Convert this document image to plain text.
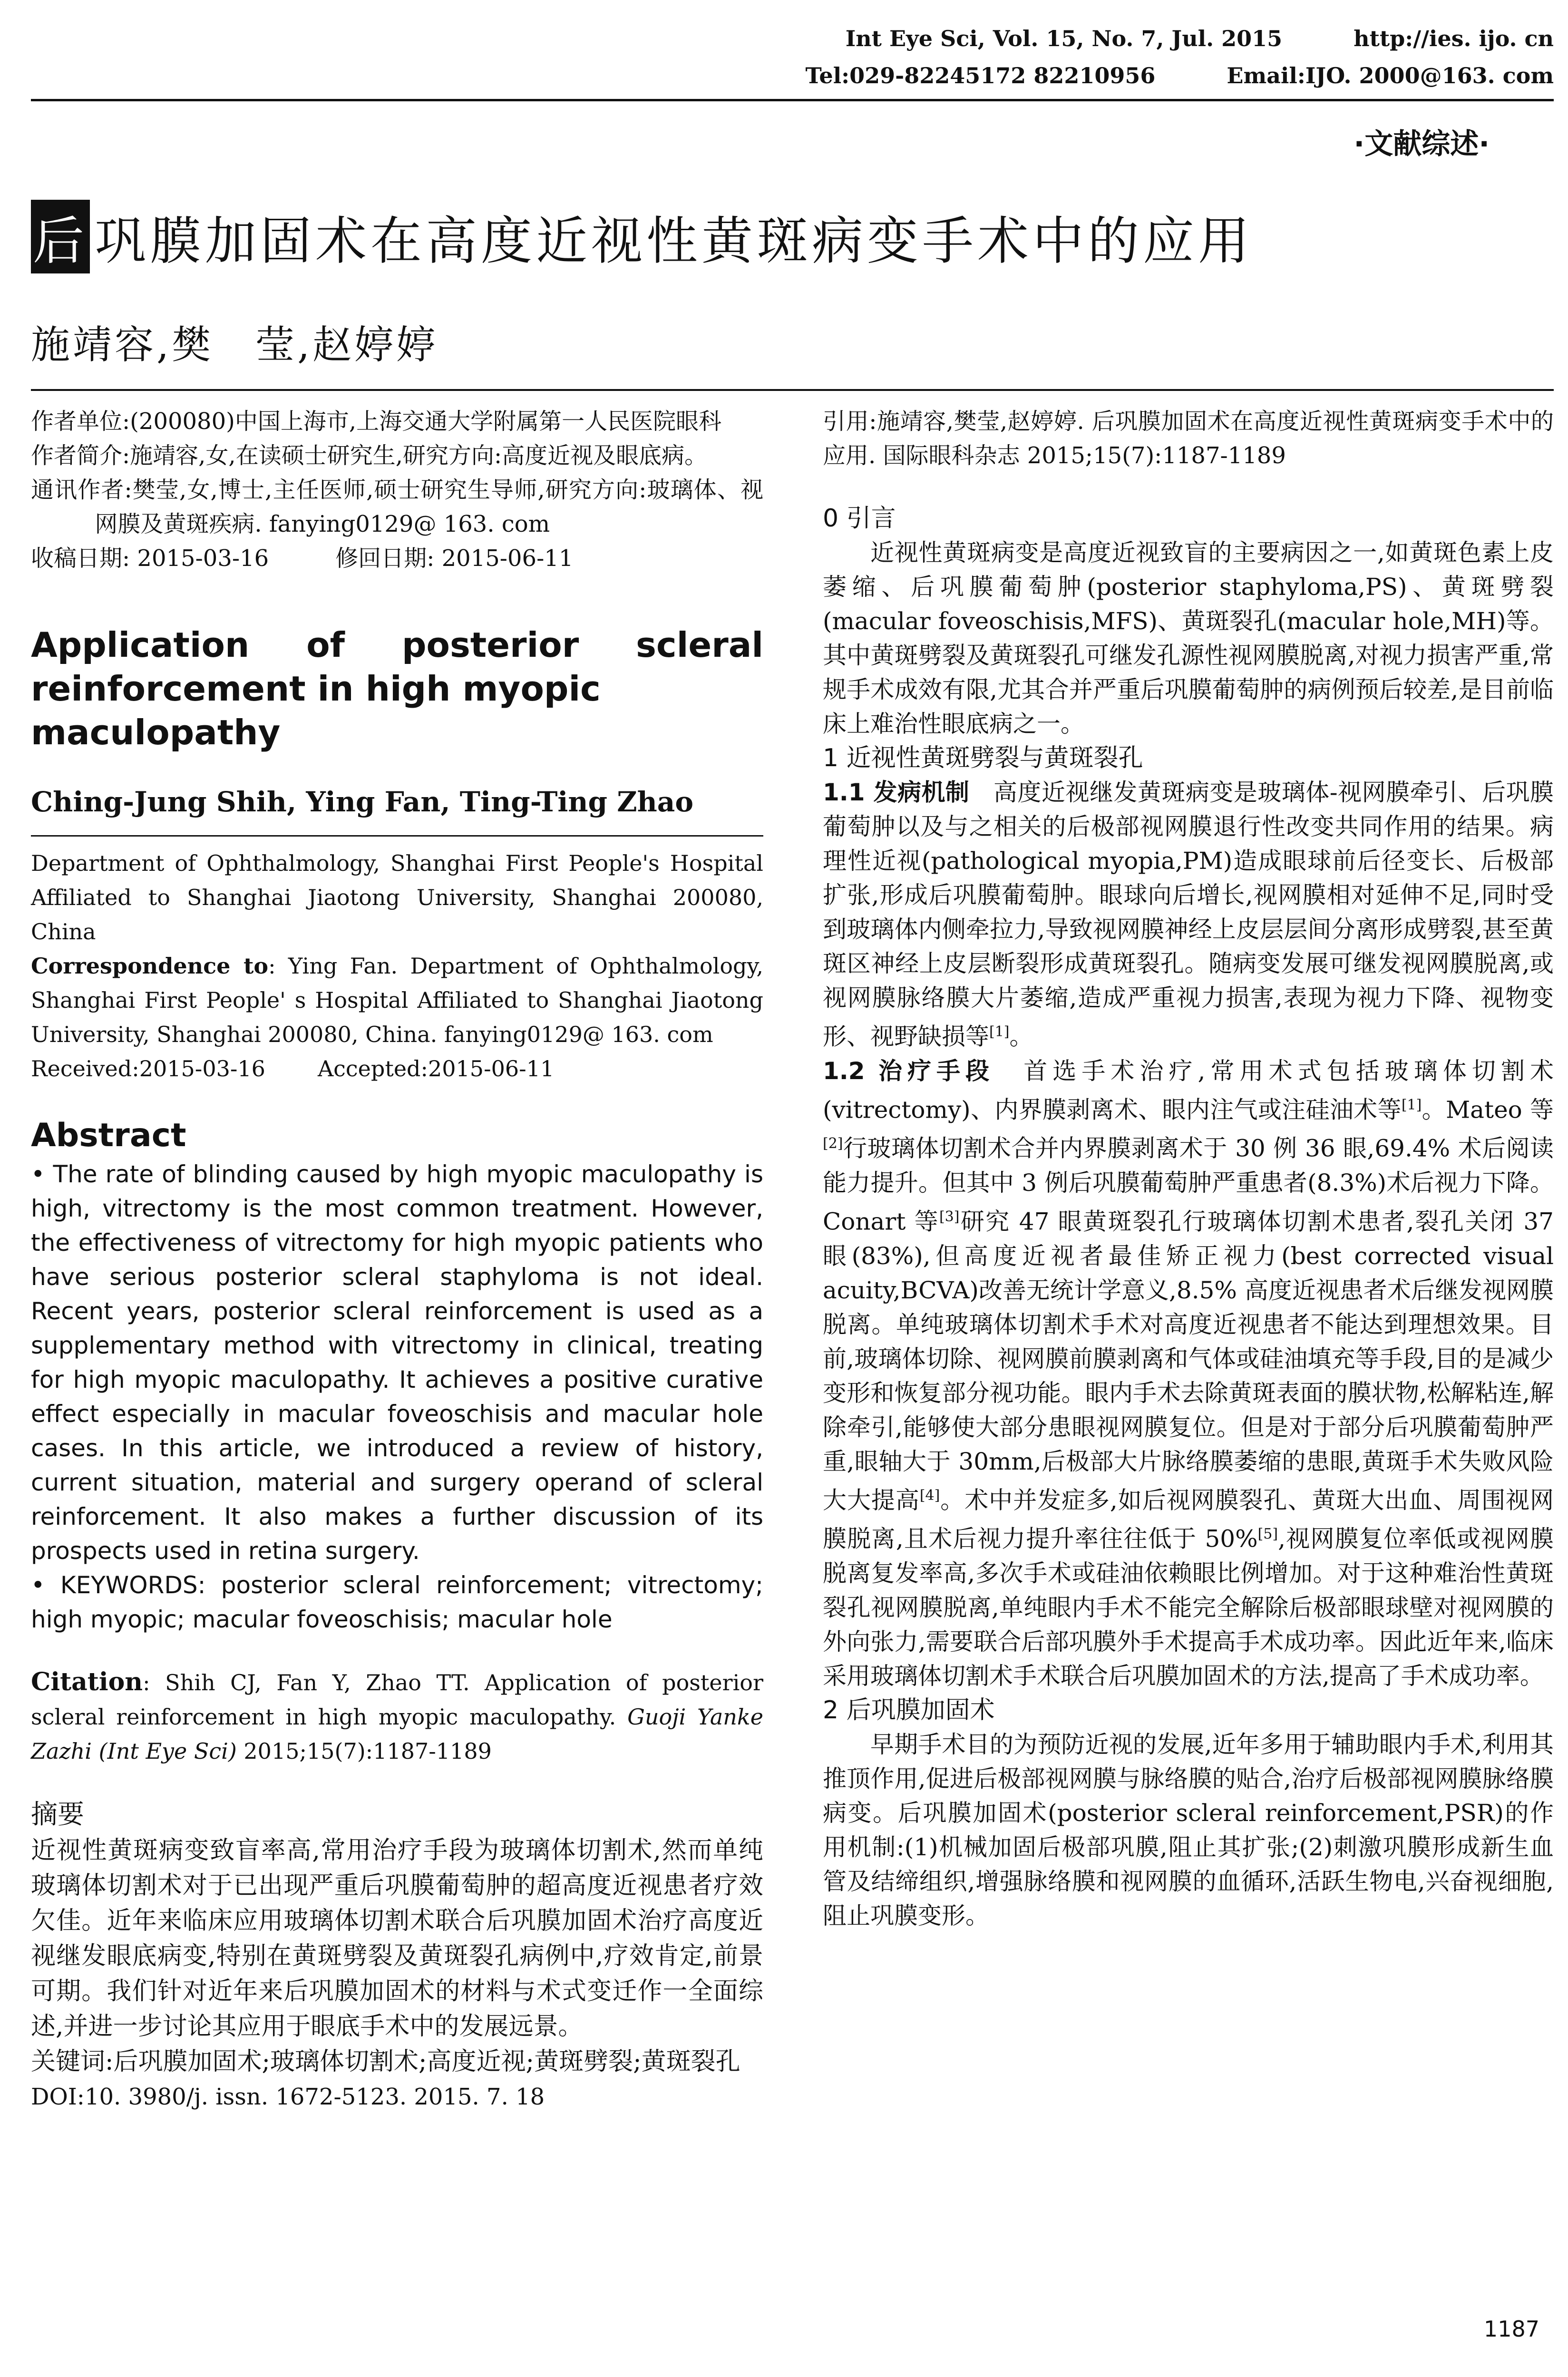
Int Eye Sci, Vol. 15, No. 7, Jul. 2015	http://ies. ijo. cn
Tel:029-82245172 82210956	Email:IJO. 2000@163. com
·文献综述·
后 巩膜加固术在高度近视性黄斑病变手术中的应用
施靖容,樊　莹,赵婷婷

作者单位:(200080)中国上海市,上海交通大学附属第一人民医院眼科

作者简介:施靖容,女,在读硕士研究生,研究方向:高度近视及眼底病。

通讯作者:樊莹,女,博士,主任医师,硕士研究生导师,研究方向:玻璃体、视网膜及黄斑疾病. fanying0129@ 163. com

收稿日期: 2015-03-16	修回日期: 2015-06-11

Application of posterior scleral
reinforcement in high myopic maculopathy
Ching-Jung Shih, Ying Fan, Ting-Ting Zhao

Department of Ophthalmology, Shanghai First People's Hospital Affiliated to Shanghai Jiaotong University, Shanghai 200080, China

Correspondence to: Ying Fan. Department of Ophthalmology, Shanghai First People' s Hospital Affiliated to Shanghai Jiaotong University, Shanghai 200080, China. fanying0129@ 163. com

Received:2015-03-16 Accepted:2015-06-11

Abstract

• The rate of blinding caused by high myopic maculopathy is high, vitrectomy is the most common treatment. However, the effectiveness of vitrectomy for high myopic patients who have serious posterior scleral staphyloma is not ideal. Recent years, posterior scleral reinforcement is used as a supplementary method with vitrectomy in clinical, treating for high myopic maculopathy. It achieves a positive curative effect especially in macular foveoschisis and macular hole cases. In this article, we introduced a review of history, current situation, material and surgery operand of scleral reinforcement. It also makes a further discussion of its prospects used in retina surgery.

• KEYWORDS: posterior scleral reinforcement; vitrectomy; high myopic; macular foveoschisis; macular hole

Citation: Shih CJ, Fan Y, Zhao TT. Application of posterior scleral reinforcement in high myopic maculopathy. Guoji Yanke Zazhi (Int Eye Sci) 2015;15(7):1187-1189

摘要

近视性黄斑病变致盲率高,常用治疗手段为玻璃体切割术,然而单纯玻璃体切割术对于已出现严重后巩膜葡萄肿的超高度近视患者疗效欠佳。近年来临床应用玻璃体切割术联合后巩膜加固术治疗高度近视继发眼底病变,特别在黄斑劈裂及黄斑裂孔病例中,疗效肯定,前景可期。我们针对近年来后巩膜加固术的材料与术式变迁作一全面综述,并进一步讨论其应用于眼底手术中的发展远景。

关键词:后巩膜加固术;玻璃体切割术;高度近视;黄斑劈裂;黄斑裂孔

DOI:10. 3980/j. issn. 1672-5123. 2015. 7. 18

引用:施靖容,樊莹,赵婷婷. 后巩膜加固术在高度近视性黄斑病变手术中的应用. 国际眼科杂志 2015;15(7):1187-1189

0 引言

近视性黄斑病变是高度近视致盲的主要病因之一,如黄斑色素上皮萎缩、后巩膜葡萄肿(posterior staphyloma,PS)、黄斑劈裂(macular foveoschisis,MFS)、黄斑裂孔(macular hole,MH)等。其中黄斑劈裂及黄斑裂孔可继发孔源性视网膜脱离,对视力损害严重,常规手术成效有限,尤其合并严重后巩膜葡萄肿的病例预后较差,是目前临床上难治性眼底病之一。

1 近视性黄斑劈裂与黄斑裂孔

1.1 发病机制　 高度近视继发黄斑病变是玻璃体-视网膜牵引、后巩膜葡萄肿以及与之相关的后极部视网膜退行性改变共同作用的结果。病理性近视(pathological myopia,PM)造成眼球前后径变长、后极部扩张,形成后巩膜葡萄肿。眼球向后增长,视网膜相对延伸不足,同时受到玻璃体内侧牵拉力,导致视网膜神经上皮层层间分离形成劈裂,甚至黄斑区神经上皮层断裂形成黄斑裂孔。随病变发展可继发视网膜脱离,或视网膜脉络膜大片萎缩,造成严重视力损害,表现为视力下降、视物变形、视野缺损等[1]。

1.2 治疗手段　 首选手术治疗,常用术式包括玻璃体切割术(vitrectomy)、内界膜剥离术、眼内注气或注硅油术等[1]。Mateo 等[2]行玻璃体切割术合并内界膜剥离术于 30 例 36 眼,69.4% 术后阅读能力提升。但其中 3 例后巩膜葡萄肿严重患者(8.3%)术后视力下降。Conart 等[3]研究 47 眼黄斑裂孔行玻璃体切割术患者,裂孔关闭 37 眼(83%),但高度近视者最佳矫正视力(best corrected visual acuity,BCVA)改善无统计学意义,8.5% 高度近视患者术后继发视网膜脱离。单纯玻璃体切割术手术对高度近视患者不能达到理想效果。目前,玻璃体切除、视网膜前膜剥离和气体或硅油填充等手段,目的是减少变形和恢复部分视功能。眼内手术去除黄斑表面的膜状物,松解粘连,解除牵引,能够使大部分患眼视网膜复位。但是对于部分后巩膜葡萄肿严重,眼轴大于 30mm,后极部大片脉络膜萎缩的患眼,黄斑手术失败风险大大提高[4]。术中并发症多,如后视网膜裂孔、黄斑大出血、周围视网膜脱离,且术后视力提升率往往低于 50%[5],视网膜复位率低或视网膜脱离复发率高,多次手术或硅油依赖眼比例增加。对于这种难治性黄斑裂孔视网膜脱离,单纯眼内手术不能完全解除后极部眼球壁对视网膜的外向张力,需要联合后部巩膜外手术提高手术成功率。因此近年来,临床采用玻璃体切割术手术联合后巩膜加固术的方法,提高了手术成功率。

2 后巩膜加固术

早期手术目的为预防近视的发展,近年多用于辅助眼内手术,利用其推顶作用,促进后极部视网膜与脉络膜的贴合,治疗后极部视网膜脉络膜病变。后巩膜加固术(posterior scleral reinforcement,PSR)的作用机制:(1)机械加固后极部巩膜,阻止其扩张;(2)刺激巩膜形成新生血管及结缔组织,增强脉络膜和视网膜的血循环,活跃生物电,兴奋视细胞,阻止巩膜变形。

1187
